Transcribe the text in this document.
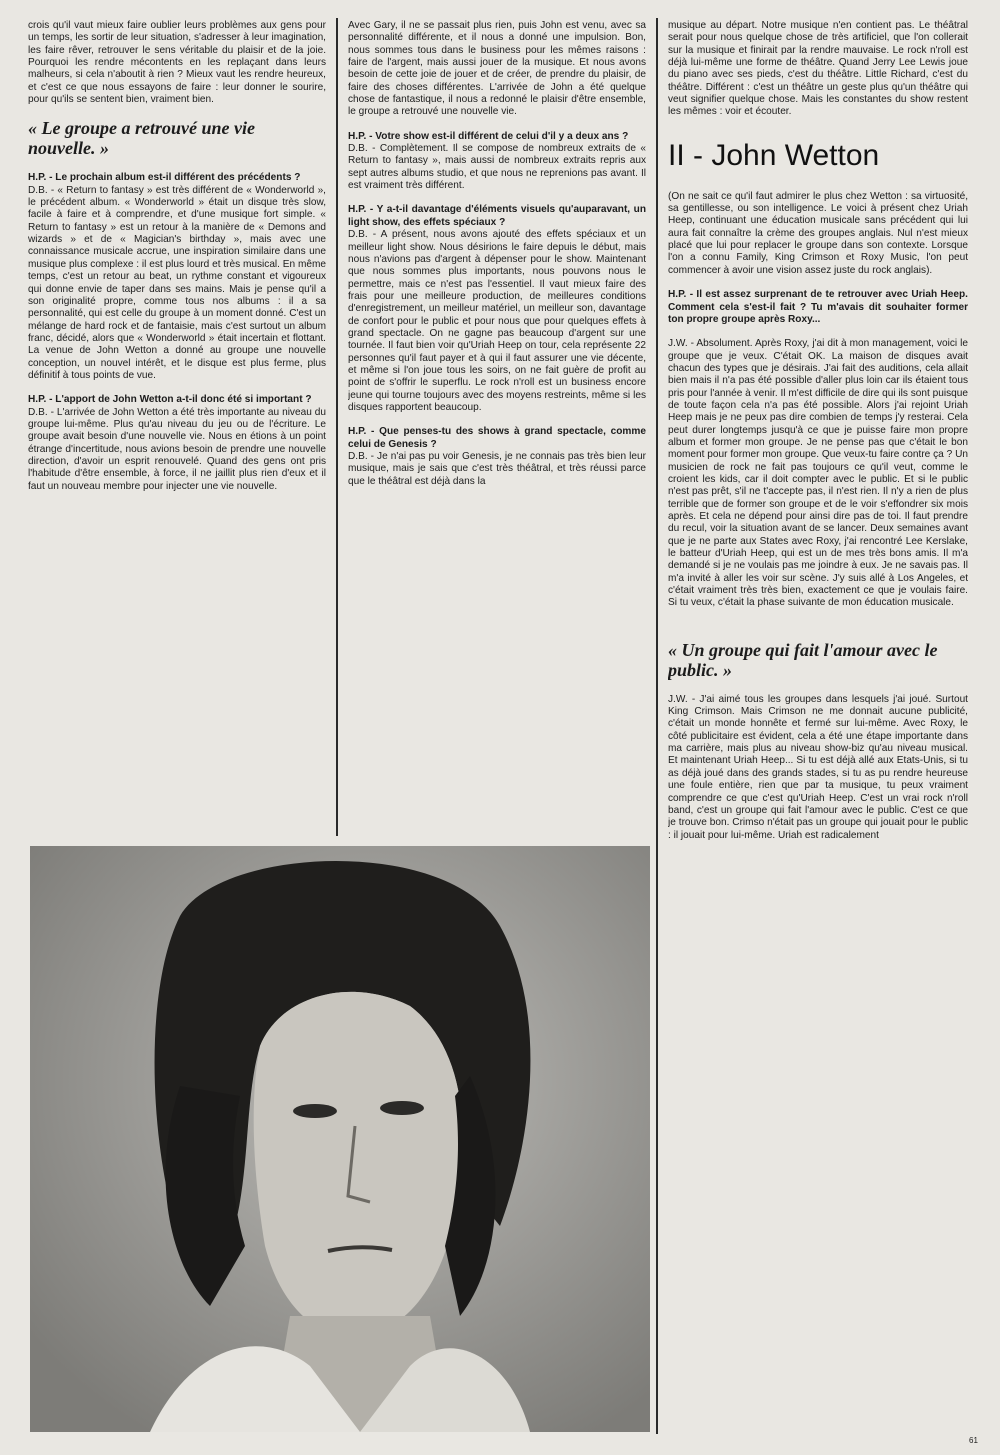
crois qu'il vaut mieux faire oublier leurs problèmes aux gens pour un temps, les sortir de leur situation, s'adresser à leur imagination, les faire rêver, retrouver le sens véritable du plaisir et de la joie. Pourquoi les rendre mécontents en les replaçant dans leurs malheurs, si cela n'aboutit à rien ? Mieux vaut les rendre heureux, et c'est ce que nous essayons de faire : leur donner le sourire, pour qu'ils se sentent bien, vraiment bien.

« Le groupe a retrouvé une vie nouvelle. »

H.P. - Le prochain album est-il différent des précédents ?

D.B. - « Return to fantasy » est très différent de « Wonderworld », le précédent album. « Wonderworld » était un disque très slow, facile à faire et à comprendre, et d'une musique fort simple. « Return to fantasy » est un retour à la manière de « Demons and wizards » et de « Magician's birthday », mais avec une connaissance musicale accrue, une inspiration similaire dans une musique plus complexe : il est plus lourd et très musical. En même temps, c'est un retour au beat, un rythme constant et vigoureux qui donne envie de taper dans ses mains. Mais je pense qu'il a son originalité propre, comme tous nos albums : il a sa personnalité, qui est celle du groupe à un moment donné. C'est un mélange de hard rock et de fantaisie, mais c'est surtout un album franc, décidé, alors que « Wonderworld » était incertain et flottant. La venue de John Wetton a donné au groupe une nouvelle conception, un nouvel intérêt, et le disque est plus ferme, plus définitif à tous points de vue.

H.P. - L'apport de John Wetton a-t-il donc été si important ?

D.B. - L'arrivée de John Wetton a été très importante au niveau du groupe lui-même. Plus qu'au niveau du jeu ou de l'écriture. Le groupe avait besoin d'une nouvelle vie. Nous en étions à un point étrange d'incertitude, nous avions besoin de prendre une nouvelle direction, d'avoir un esprit renouvelé. Quand des gens ont pris l'habitude d'être ensemble, à force, il ne jaillit plus rien d'eux et il faut un nouveau membre pour injecter une vie nouvelle.

Avec Gary, il ne se passait plus rien, puis John est venu, avec sa personnalité différente, et il nous a donné une impulsion. Bon, nous sommes tous dans le business pour les mêmes raisons : faire de l'argent, mais aussi jouer de la musique. Et nous avons besoin de cette joie de jouer et de créer, de prendre du plaisir, de faire des choses différentes. L'arrivée de John a été quelque chose de fantastique, il nous a redonné le plaisir d'être ensemble, le groupe a retrouvé une nouvelle vie.

H.P. - Votre show est-il différent de celui d'il y a deux ans ?

D.B. - Complètement. Il se compose de nombreux extraits de « Return to fantasy », mais aussi de nombreux extraits repris aux sept autres albums studio, et que nous ne reprenions pas avant. Il est vraiment très différent.

H.P. - Y a-t-il davantage d'éléments visuels qu'auparavant, un light show, des effets spéciaux ?

D.B. - A présent, nous avons ajouté des effets spéciaux et un meilleur light show. Nous désirions le faire depuis le début, mais nous n'avions pas d'argent à dépenser pour le show. Maintenant que nous sommes plus importants, nous pouvons nous le permettre, mais ce n'est pas l'essentiel. Il vaut mieux faire des frais pour une meilleure production, de meilleures conditions d'enregistrement, un meilleur matériel, un meilleur son, davantage de confort pour le public et pour nous que pour quelques effets à grand spectacle. On ne gagne pas beaucoup d'argent sur une tournée. Il faut bien voir qu'Uriah Heep on tour, cela représente 22 personnes qu'il faut payer et à qui il faut assurer une vie décente, et même si l'on joue tous les soirs, on ne fait guère de profit au point de s'offrir le superflu. Le rock n'roll est un business encore jeune qui tourne toujours avec des moyens restreints, même si les disques rapportent beaucoup.

H.P. - Que penses-tu des shows à grand spectacle, comme celui de Genesis ?

D.B. - Je n'ai pas pu voir Genesis, je ne connais pas très bien leur musique, mais je sais que c'est très théâtral, et très réussi parce que le théâtral est déjà dans la

musique au départ. Notre musique n'en contient pas. Le théâtral serait pour nous quelque chose de très artificiel, que l'on collerait sur la musique et finirait par la rendre mauvaise. Le rock n'roll est déjà lui-même une forme de théâtre. Quand Jerry Lee Lewis joue du piano avec ses pieds, c'est du théâtre. Little Richard, c'est du théâtre. Différent : c'est un théâtre un geste plus qu'un théâtre qui veut signifier quelque chose. Mais les constantes du show restent les mêmes : voir et écouter.

II - John Wetton

(On ne sait ce qu'il faut admirer le plus chez Wetton : sa virtuosité, sa gentillesse, ou son intelligence. Le voici à présent chez Uriah Heep, continuant une éducation musicale sans précédent qui lui aura fait connaître la crème des groupes anglais. Nul n'est mieux placé que lui pour replacer le groupe dans son contexte. Lorsque l'on a connu Family, King Crimson et Roxy Music, l'on peut commencer à avoir une vision assez juste du rock anglais).

H.P. - Il est assez surprenant de te retrouver avec Uriah Heep. Comment cela s'est-il fait ? Tu m'avais dit souhaiter former ton propre groupe après Roxy...

J.W. - Absolument. Après Roxy, j'ai dit à mon management, voici le groupe que je veux. C'était OK. La maison de disques avait chacun des types que je désirais. J'ai fait des auditions, cela allait bien mais il n'a pas été possible d'aller plus loin car ils étaient tous pris pour l'année à venir. Il m'est difficile de dire qui ils sont puisque de toute façon cela n'a pas été possible. Alors j'ai rejoint Uriah Heep mais je ne peux pas dire combien de temps j'y resterai. Cela peut durer longtemps jusqu'à ce que je puisse faire mon propre album et former mon groupe. Je ne pense pas que c'était le bon moment pour former mon groupe. Que veux-tu faire contre ça ? Un musicien de rock ne fait pas toujours ce qu'il veut, comme le croient les kids, car il doit compter avec le public. Et si le public n'est pas prêt, s'il ne t'accepte pas, il n'est rien. Il n'y a rien de plus terrible que de former son groupe et de le voir s'effondrer six mois après. Et cela ne dépend pour ainsi dire pas de toi. Il faut prendre du recul, voir la situation avant de se lancer. Deux semaines avant que je ne parte aux States avec Roxy, j'ai rencontré Lee Kerslake, le batteur d'Uriah Heep, qui est un de mes très bons amis. Il m'a demandé si je ne voulais pas me joindre à eux. Je ne savais pas. Il m'a invité à aller les voir sur scène. J'y suis allé à Los Angeles, et c'était vraiment très très bien, exactement ce que je voulais faire. Si tu veux, c'était la phase suivante de mon éducation musicale.

« Un groupe qui fait l'amour avec le public. »

J.W. - J'ai aimé tous les groupes dans lesquels j'ai joué. Surtout King Crimson. Mais Crimson ne me donnait aucune publicité, c'était un monde honnête et fermé sur lui-même. Avec Roxy, le côté publicitaire est évident, cela a été une étape importante dans ma carrière, mais plus au niveau show-biz qu'au niveau musical. Et maintenant Uriah Heep... Si tu est déjà allé aux Etats-Unis, si tu as déjà joué dans des grands stades, si tu as pu rendre heureuse une foule entière, rien que par ta musique, tu peux vraiment comprendre ce que c'est qu'Uriah Heep. C'est un vrai rock n'roll band, c'est un groupe qui fait l'amour avec le public. C'est ce que je trouve bon. Crimso n'était pas un groupe qui jouait pour le public : il jouait pour lui-même. Uriah est radicalement

61
